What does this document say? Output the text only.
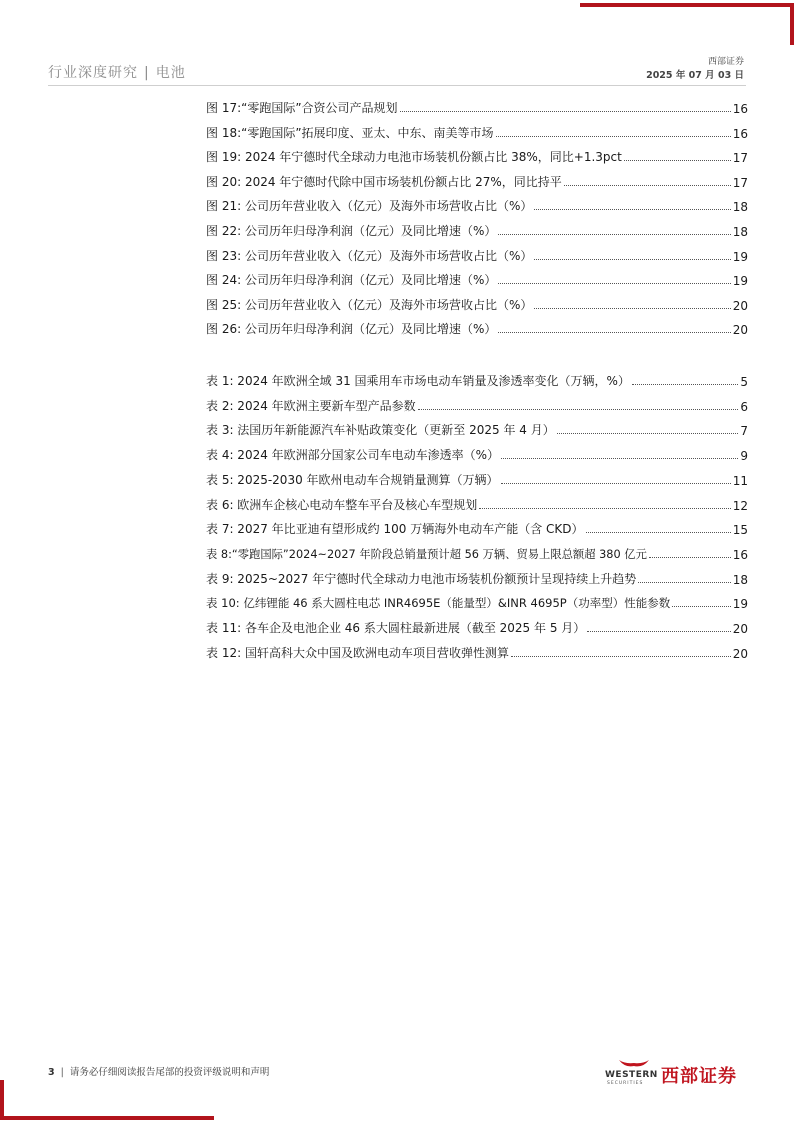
行业深度研究 | 电池
西部证券
2025 年 07 月 03 日
图 17:“零跑国际”合资公司产品规划	16
图 18:“零跑国际”拓展印度、亚太、中东、南美等市场	16
图 19: 2024 年宁德时代全球动力电池市场装机份额占比 38%，同比+1.3pct	17
图 20: 2024 年宁德时代除中国市场装机份额占比 27%，同比持平	17
图 21: 公司历年营业收入（亿元）及海外市场营收占比（%）	18
图 22: 公司历年归母净利润（亿元）及同比增速（%）	18
图 23: 公司历年营业收入（亿元）及海外市场营收占比（%）	19
图 24: 公司历年归母净利润（亿元）及同比增速（%）	19
图 25: 公司历年营业收入（亿元）及海外市场营收占比（%）	20
图 26: 公司历年归母净利润（亿元）及同比增速（%）	20
表 1: 2024 年欧洲全域 31 国乘用车市场电动车销量及渗透率变化（万辆，%）	5
表 2: 2024 年欧洲主要新车型产品参数	6
表 3: 法国历年新能源汽车补贴政策变化（更新至 2025 年 4 月）	7
表 4: 2024 年欧洲部分国家公司车电动车渗透率（%）	9
表 5: 2025-2030 年欧州电动车合规销量测算（万辆）	11
表 6: 欧洲车企核心电动车整车平台及核心车型规划	12
表 7: 2027 年比亚迪有望形成约 100 万辆海外电动车产能（含 CKD）	15
表 8:“零跑国际”2024~2027 年阶段总销量预计超 56 万辆、贸易上限总额超 380 亿元	16
表 9: 2025~2027 年宁德时代全球动力电池市场装机份额预计呈现持续上升趋势	18
表 10: 亿纬锂能 46 系大圆柱电芯 INR4695E（能量型）&INR 4695P（功率型）性能参数	19
表 11: 各车企及电池企业 46 系大圆柱最新进展（截至 2025 年 5 月）	20
表 12: 国轩高科大众中国及欧洲电动车项目营收弹性测算	20
3 | 请务必仔细阅读报告尾部的投资评级说明和声明	WESTERN
SECURITIES 西部证券
